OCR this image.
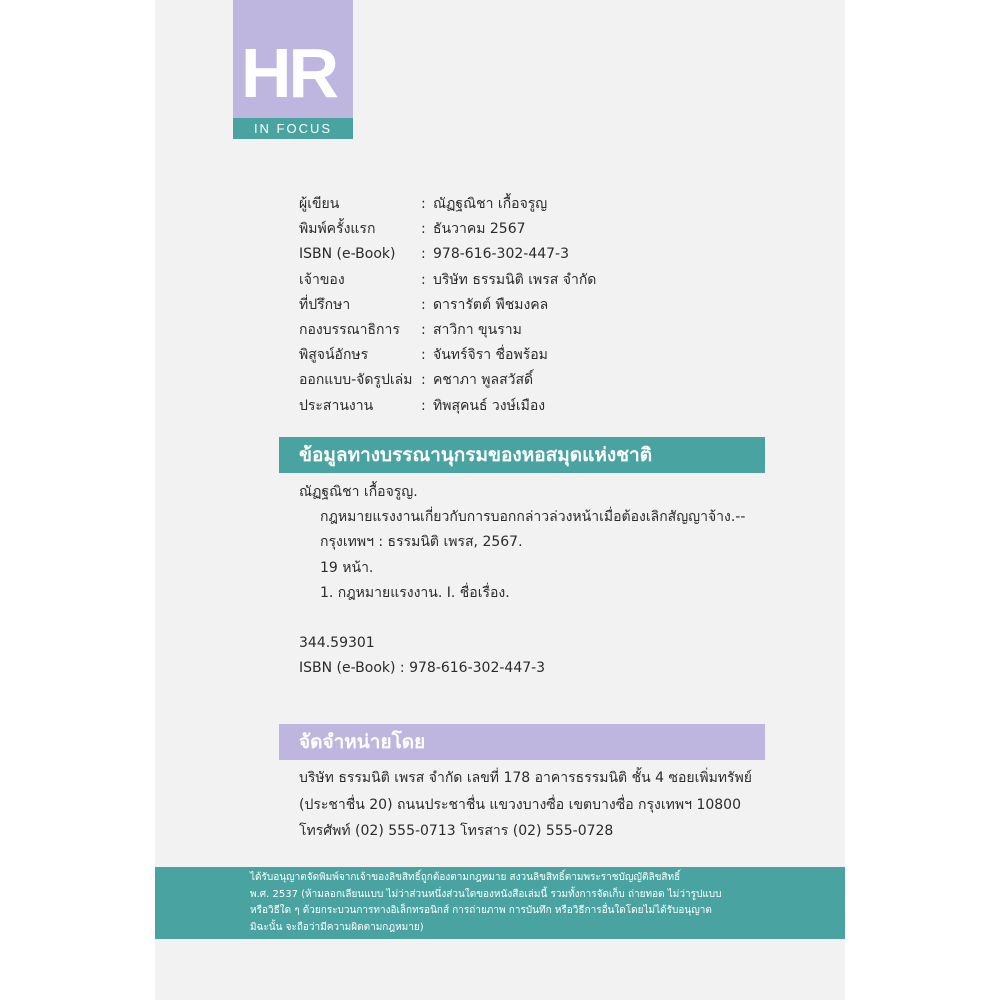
HR
IN FOCUS
ผู้เขียน	: ณัฏฐณิชา เกื้อจรูญ
พิมพ์ครั้งแรก	: ธันวาคม 2567
ISBN (e-Book)	: 978-616-302-447-3
เจ้าของ	: บริษัท ธรรมนิติ เพรส จำกัด
ที่ปรึกษา	: ดารารัตต์ พืชมงคล
กองบรรณาธิการ	: สาวิกา ขุนราม
พิสูจน์อักษร	: จันทร์จิรา ชื่อพร้อม
ออกแบบ-จัดรูปเล่ม : คชาภา พูลสวัสดิ์
ประสานงาน	: ทิพสุคนธ์ วงษ์เมือง
ข้อมูลทางบรรณานุกรมของหอสมุดแห่งชาติ
ณัฏฐณิชา เกื้อจรูญ.
กฎหมายแรงงานเกี่ยวกับการบอกกล่าวล่วงหน้าเมื่อต้องเลิกสัญญาจ้าง.--
กรุงเทพฯ : ธรรมนิติ เพรส, 2567.
19 หน้า.
1. กฎหมายแรงงาน. I. ชื่อเรื่อง.
344.59301
ISBN (e-Book) : 978-616-302-447-3
จัดจำหน่ายโดย
บริษัท ธรรมนิติ เพรส จำกัด เลขที่ 178 อาคารธรรมนิติ ชั้น 4 ซอยเพิ่มทรัพย์
(ประชาชื่น 20) ถนนประชาชื่น แขวงบางซื่อ เขตบางซื่อ กรุงเทพฯ 10800
โทรศัพท์ (02) 555-0713 โทรสาร (02) 555-0728
ได้รับอนุญาตจัดพิมพ์จากเจ้าของลิขสิทธิ์ถูกต้องตามกฎหมาย สงวนลิขสิทธิ์ตามพระราชบัญญัติลิขสิทธิ์
พ.ศ. 2537 (ห้ามลอกเลียนแบบ ไม่ว่าส่วนหนึ่งส่วนใดของหนังสือเล่มนี้ รวมทั้งการจัดเก็บ ถ่ายทอด ไม่ว่ารูปแบบ
หรือวิธีใด ๆ ด้วยกระบวนการทางอิเล็กทรอนิกส์ การถ่ายภาพ การบันทึก หรือวิธีการอื่นใดโดยไม่ได้รับอนุญาต
มิฉะนั้น จะถือว่ามีความผิดตามกฎหมาย)
